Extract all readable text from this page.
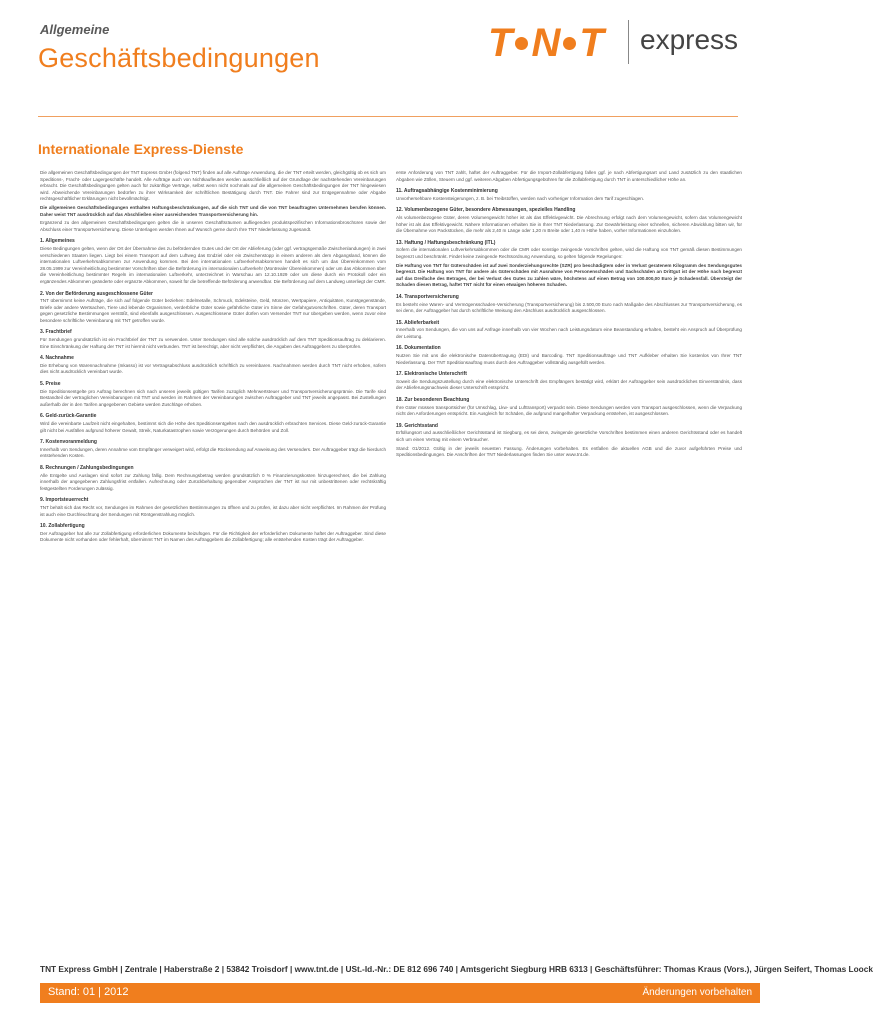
Allgemeine
Geschäftsbedingungen	T N T express
Internationale Express-Dienste

Die allgemeinen Geschäftsbedingungen der TNT Express GmbH (folgend TNT) finden auf alle Aufträge Anwendung, die der TNT erteilt werden, gleichgültig ob es sich um Speditions-, Fracht- oder Lagergeschäfte handelt. Alle Aufträge auch von Nichtkaufleuten werden ausschließlich auf der Grundlage der nachstehenden Vereinbarungen erbracht. Die Geschäftsbedingungen gelten auch für zukünftige Verträge, selbst wenn nicht nochmals auf die allgemeinen Geschäftsbedingungen der TNT hingewiesen wird. Abweichende Vereinbarungen bedürfen zu ihrer Wirksamkeit der schriftlichen Bestätigung durch TNT. Die Fahrer sind zur Entgegennahme oder Abgabe rechtsgeschäftlicher Erklärungen nicht bevollmächtigt.

Die allgemeinen Geschäftsbedingungen enthalten Haftungsbeschränkungen, auf die sich TNT und die von TNT beauftragten Unternehmen berufen können. Daher weist TNT ausdrücklich auf das Abschließen einer ausreichenden Transportversicherung hin.

Ergänzend zu den allgemeinen Geschäftsbedingungen gelten die in unseren Geschäftsräumen aufliegenden produktspezifischen Informationsbroschüren sowie der Abschluss einer Transportversicherung. Diese Unterlagen werden Ihnen auf Wunsch gerne durch Ihre TNT Niederlassung zugesandt.

1. Allgemeines

Diese Bedingungen gelten, wenn der Ort der Übernahme des zu befördernden Gutes und der Ort der Ablieferung (oder ggf. vertragsgemäße Zwischenlandungen) in zwei verschiedenen Staaten liegen. Liegt bei einem Transport auf dem Luftweg das Endziel oder ein Zwischenstopp in einem anderen als dem Abgangsland, können die internationalen Luftverkehrsabkommen zur Anwendung kommen. Bei den internationalen Luftverkehrsabkommen handelt es sich um das Übereinkommen vom 28.05.1999 zur Vereinheitlichung bestimmter Vorschriften über die Beförderung im internationalen Luftverkehr (Montrealer Übereinkommen) oder um das Abkommen über die Vereinheitlichung bestimmter Regeln im internationalen Luftverkehr, unterzeichnet in Warschau am 12.10.1929 oder um diese durch ein Protokoll oder ein ergänzendes Abkommen geänderte oder ergänzte Abkommen, soweit für die betreffende Beförderung anwendbar. Die Beförderung auf dem Landweg unterliegt der CMR.

2. Von der Beförderung ausgeschlossene Güter

TNT übernimmt keine Aufträge, die sich auf folgende Güter beziehen: Edelmetalle, Schmuck, Edelsteine, Geld, Münzen, Wertpapiere, Antiquitäten, Kunstgegenstände, Briefe oder andere Wertsachen, Tiere und lebende Organismen, verderbliche Güter sowie gefährliche Güter im Sinne der Gefahrgutvorschriften. Güter, deren Transport gegen gesetzliche Bestimmungen verstößt, sind ebenfalls ausgeschlossen. Ausgeschlossene Güter dürfen vom Versender TNT nur übergeben werden, wenn zuvor eine besondere schriftliche Vereinbarung mit TNT getroffen wurde.

3. Frachtbrief

Für Sendungen grundsätzlich ist ein Frachtbrief der TNT zu verwenden. Unter Sendungen sind alle solche ausdrücklich auf dem TNT Speditionsauftrag zu deklarieren. Eine Einschränkung der Haftung der TNT ist hiermit nicht verbunden. TNT ist berechtigt, aber nicht verpflichtet, die Angaben des Auftraggebers zu überprüfen.

4. Nachnahme

Die Erhebung von Warennachnahme (Inkasso) ist vor Vertragsabschluss ausdrücklich schriftlich zu vereinbaren. Nachnahmen werden durch TNT nicht erhoben, sofern dies nicht ausdrücklich vereinbart wurde.

5. Preise

Die Speditionsentgelte pro Auftrag berechnen sich nach unseren jeweils gültigen Tarifen zuzüglich Mehrwertsteuer und Transportversicherungsprämie. Die Tarife sind Bestandteil der vertraglichen Vereinbarungen mit TNT und werden im Rahmen der Vereinbarungen zwischen Auftraggeber und TNT jeweils angepasst. Bei Zustellungen außerhalb der in den Tarifen angegebenen Gebiete werden Zuschläge erhoben.

6. Geld-zurück-Garantie

Wird die vereinbarte Laufzeit nicht eingehalten, bestimmt sich die Höhe des Speditionsentgeltes nach den ausdrücklich erbrachten Services. Diese Geld-zurück-Garantie gilt nicht bei Ausfällen aufgrund höherer Gewalt, Streik, Naturkatastrophen sowie Verzögerungen durch Behörden und Zoll.

7. Kostenvoranmeldung

Innerhalb von Sendungen, deren Annahme vom Empfänger verweigert wird, erfolgt die Rücksendung auf Anweisung des Versenders. Der Auftraggeber trägt die hierdurch entstehenden Kosten.

8. Rechnungen / Zahlungsbedingungen

Alle Entgelte und Auslagen sind sofort zur Zahlung fällig. Dem Rechnungsbetrag werden grundsätzlich 0 % Finanzierungskosten hinzugerechnet, die bei Zahlung innerhalb der angegebenen Zahlungsfrist entfallen. Aufrechnung oder Zurückbehaltung gegenüber Ansprüchen der TNT ist nur mit unbestrittenen oder rechtskräftig festgestellten Forderungen zulässig.

9. Importsteuerrecht

TNT behält sich das Recht vor, Sendungen im Rahmen der gesetzlichen Bestimmungen zu öffnen und zu prüfen, ist dazu aber nicht verpflichtet. Im Rahmen der Prüfung ist auch eine Durchleuchtung der Sendungen mit Röntgenstrahlung möglich.

10. Zollabfertigung

Der Auftraggeber hat alle zur Zollabfertigung erforderlichen Dokumente beizufügen. Für die Richtigkeit der erforderlichen Dokumente haftet der Auftraggeber. Sind diese Dokumente nicht vorhanden oder fehlerhaft, übernimmt TNT im Namen des Auftraggebers die Zollabfertigung; alle entstehenden Kosten trägt der Auftraggeber.

erste Anforderung von TNT zahlt, haftet der Auftraggeber. Für die Import-Zollabfertigung fallen ggf. je nach Abfertigungsart und Land zusätzlich zu den staatlichen Abgaben wie Zöllen, Steuern und ggf. weiteren Abgaben Abfertigungsgebühren für die Zollabfertigung durch TNT in unterschiedlicher Höhe an.

11. Auftragsabhängige Kostenminimierung

Unvorhersehbare Kostensteigerungen, z. B. bei Treibstoffen, werden nach vorheriger Information dem Tarif zugeschlagen.

12. Volumenbezogene Güter, besondere Abmessungen, spezielles Handling

Als volumenbezogene Güter, deren Volumengewicht höher ist als das Effektivgewicht. Die Abrechnung erfolgt nach dem Volumengewicht, sofern das Volumengewicht höher ist als das Effektivgewicht. Nähere Informationen erhalten Sie in Ihrer TNT Niederlassung. Zur Gewährleistung einer schnellen, sicheren Abwicklung bitten wir, für die Übernahme von Packstücken, die mehr als 2,40 m Länge oder 1,20 m Breite oder 1,40 m Höhe haben, vorher Informationen einzuholen.

13. Haftung / Haftungsbeschränkung (ITL)

Sofern die internationalen Luftverkehrsabkommen oder die CMR oder sonstige zwingende Vorschriften gelten, wird die Haftung von TNT gemäß diesen Bestimmungen begrenzt und beschränkt. Findet keine zwingende Rechtsordnung Anwendung, so gelten folgende Regelungen:

Die Haftung von TNT für Güterschäden ist auf zwei Sonderziehungsrechte (SZR) pro beschädigtem oder in Verlust geratenem Kilogramm des Sendungsgutes begrenzt. Die Haftung von TNT für andere als Güterschäden mit Ausnahme von Personenschäden und Sachschäden an Drittgut ist der Höhe nach begrenzt auf das Dreifache des Betrages, der bei Verlust des Gutes zu zahlen wäre, höchstens auf einen Betrag von 100.000,00 Euro je Schadensfall. Übersteigt der Schaden diesen Betrag, haftet TNT nicht für einen etwaigen höheren Schaden.

14. Transportversicherung

Es besteht eine Waren- und Vermögensschaden-Versicherung (Transportversicherung) bis 2.500,00 Euro nach Maßgabe des Abschlusses zur Transportversicherung, es sei denn, der Auftraggeber hat durch schriftliche Weisung den Abschluss ausdrücklich ausgeschlossen.

15. Ablieferbarkeit

Innerhalb von Sendungen, die von uns auf Anfrage innerhalb von vier Wochen nach Leistungsdatum eine Beanstandung erhalten, besteht ein Anspruch auf Überprüfung der Leistung.

16. Dokumentation

Nutzen Sie mit uns die elektronische Datenübertragung (EDI) und Barcoding. TNT Speditionsaufträge und TNT Aufkleber erhalten Sie kostenlos von Ihrer TNT Niederlassung. Der TNT Speditionsauftrag muss durch den Auftraggeber vollständig ausgefüllt werden.

17. Elektronische Unterschrift

Soweit die Sendungszustellung durch eine elektronische Unterschrift des Empfängers bestätigt wird, erklärt der Auftraggeber sein ausdrückliches Einverständnis, dass der Ablieferungsnachweis dieser Unterschrift entspricht.

18. Zur besonderen Beachtung

Ihre Güter müssen transportsicher (für Umschlag, Lkw- und Lufttransport) verpackt sein. Diese Sendungen werden vom Transport ausgeschlossen, wenn die Verpackung nicht den Anforderungen entspricht. Ein Ausgleich für Schäden, die aufgrund mangelhafter Verpackung entstehen, ist ausgeschlossen.

19. Gerichtsstand

Erfüllungsort und ausschließlicher Gerichtsstand ist Siegburg, es sei denn, zwingende gesetzliche Vorschriften bestimmen einen anderen Gerichtsstand oder es handelt sich um einen Vertrag mit einem Verbraucher.

Stand: 01/2012. Gültig in der jeweils neuesten Fassung. Änderungen vorbehalten. Es entfallen die aktuellen AGB und die zuvor aufgeführten Preise und Speditionsbedingungen. Die Anschriften der TNT Niederlassungen finden Sie unter www.tnt.de.

TNT Express GmbH | Zentrale | Haberstraße 2 | 53842 Troisdorf | www.tnt.de | USt.-Id.-Nr.: DE 812 696 740 | Amtsgericht Siegburg HRB 6313 | Geschäftsführer: Thomas Kraus (Vors.), Jürgen Seifert, Thomas Loock
Stand: 01 | 2012	Änderungen vorbehalten
